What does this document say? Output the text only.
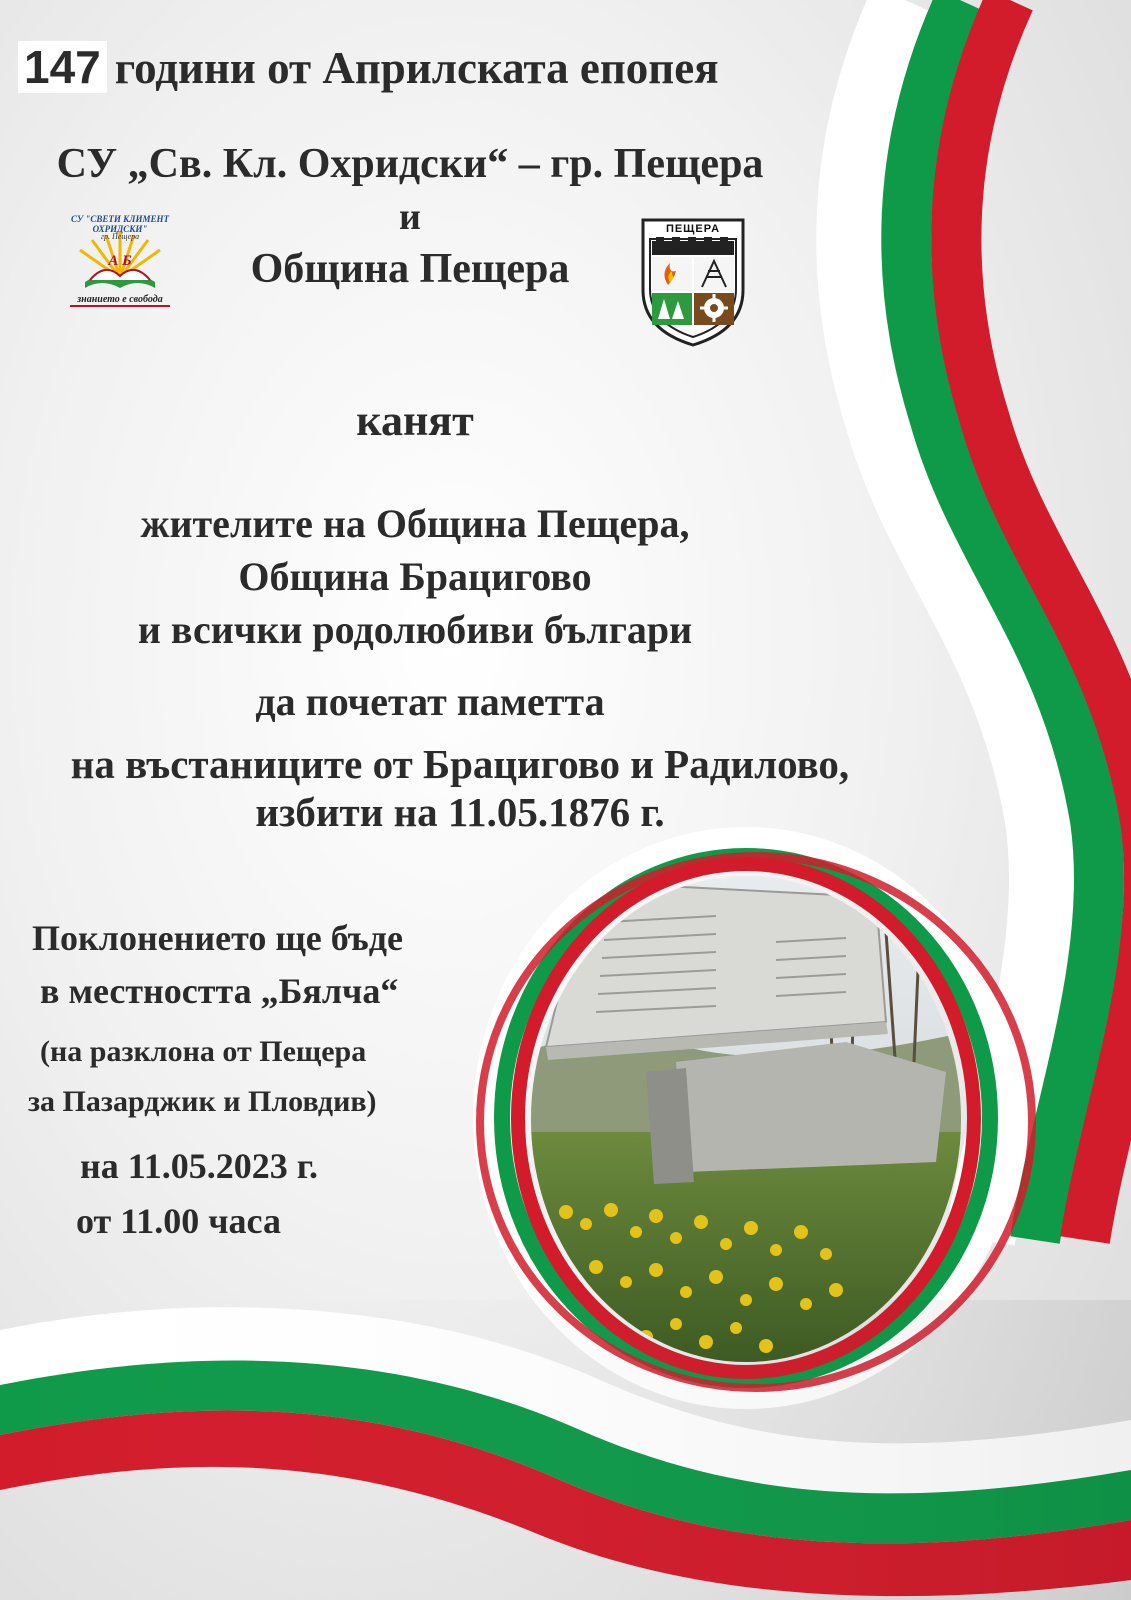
147 години от Априлската епопея
СУ „Св. Кл. Охридски“ – гр. Пещера
и
Община Пещера
СУ "СВЕТИ КЛИМЕНТ ОХРИДСКИ"
гр. Пещера
А Б
знанието е свобода
ПЕЩЕРА
канят
жителите на Община Пещера,
Община Брацигово
и всички родолюбиви българи
да почетат паметта
на въстаниците от Брацигово и Радилово,
избити на 11.05.1876 г.
Поклонението ще бъде
в местността „Бялча“
(на разклона от Пещера
за Пазарджик и Пловдив)
на 11.05.2023 г.
от 11.00 часа
